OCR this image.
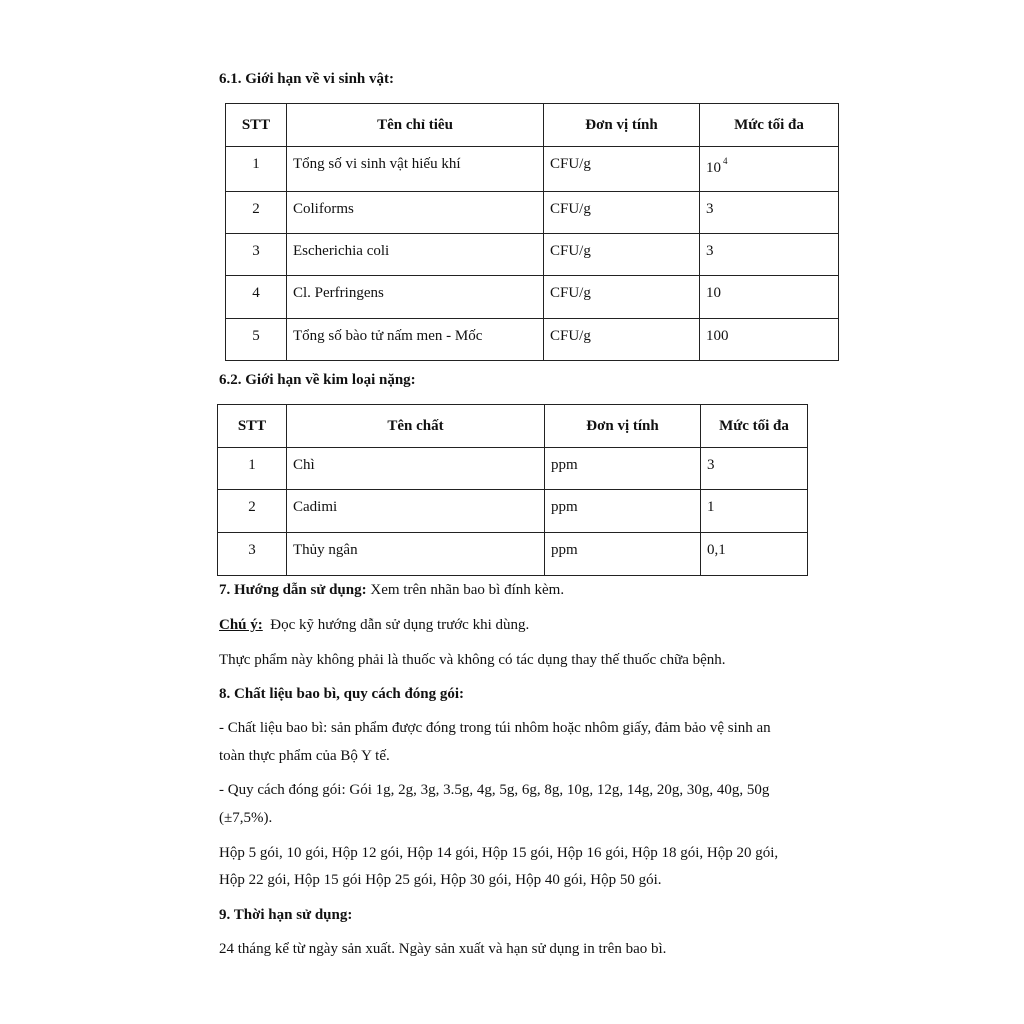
6.1. Giới hạn về vi sinh vật:
STT	Tên chỉ tiêu	Đơn vị tính	Mức tối đa
1	Tổng số vi sinh vật hiếu khí	CFU/g	10 $^4$
2	Coliforms	CFU/g	3
3	Escherichia coli	CFU/g	3
4	Cl. Perfringens	CFU/g	10
5	Tổng số bào tử nấm men - Mốc	CFU/g	100
6.2. Giới hạn về kim loại nặng:
STT	Tên chất	Đơn vị tính	Mức tối đa
1	Chì	ppm	3
2	Cadimi	ppm	1
3	Thủy ngân	ppm	0,1
7. Hướng dẫn sử dụng: Xem trên nhãn bao bì đính kèm.
Chú ý:  Đọc kỹ hướng dẫn sử dụng trước khi dùng.
Thực phẩm này không phải là thuốc và không có tác dụng thay thế thuốc chữa bệnh.
8. Chất liệu bao bì, quy cách đóng gói:
- Chất liệu bao bì: sản phẩm được đóng trong túi nhôm hoặc nhôm giấy, đảm bảo vệ sinh an
toàn thực phẩm của Bộ Y tế.
- Quy cách đóng gói: Gói 1g, 2g, 3g, 3.5g, 4g, 5g, 6g, 8g, 10g, 12g, 14g, 20g, 30g, 40g, 50g
(±7,5%).
Hộp 5 gói, 10 gói, Hộp 12 gói, Hộp 14 gói, Hộp 15 gói, Hộp 16 gói, Hộp 18 gói, Hộp 20 gói,
Hộp 22 gói, Hộp 15 gói Hộp 25 gói, Hộp 30 gói, Hộp 40 gói, Hộp 50 gói.
9. Thời hạn sử dụng:
24 tháng kể từ ngày sản xuất. Ngày sản xuất và hạn sử dụng in trên bao bì.
